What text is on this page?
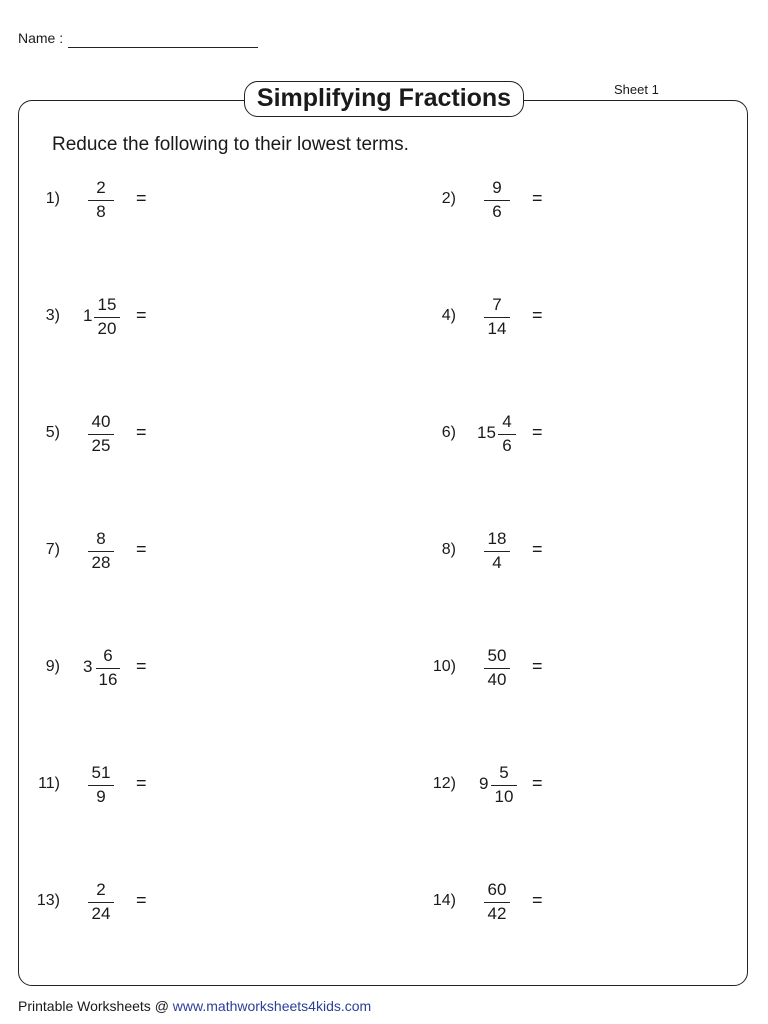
Name :
Sheet 1
Simplifying Fractions
Reduce the following to their lowest terms.
1)
2
8
=	2)
9
6
=
3) 1
15
20
=	4)
7
14
=
5)
40
25
=	6) 15
4
6
=
7)
8
28
=	8)
18
4
=
9) 3
6
16
=	10)
50
40
=
11)
51
9
=	12) 9
5
10
=
13)
2
24
=	14)
60
42
=
Printable Worksheets @ www.mathworksheets4kids.com
